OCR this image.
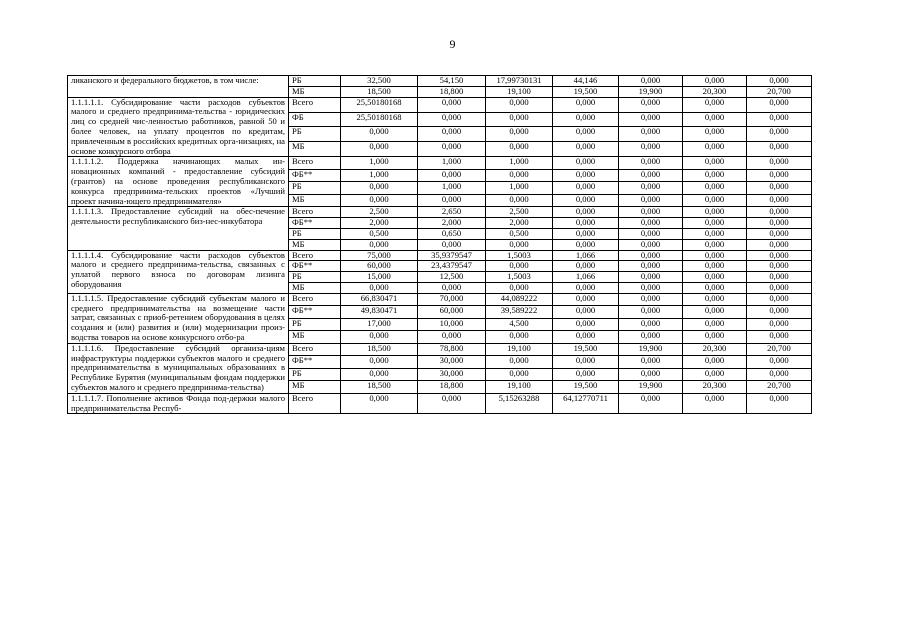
9
ликанского и федерального бюджетов, в том числе:	РБ	32,500	54,150	17,99730131	44,146	0,000	0,000	0,000
	МБ	18,500	18,800	19,100	19,500	19,900	20,300	20,700
1.1.1.1.1. Субсидирование части расходов субъектов малого и среднего предпринима-тельства - юридических лиц со средней чис-ленностью работников, равной 50 и более человек, на уплату процентов по кредитам, привлеченным в российских кредитных орга-низациях, на основе конкурсного отбора	Всего	25,50180168	0,000	0,000	0,000	0,000	0,000	0,000
	ФБ	25,50180168	0,000	0,000	0,000	0,000	0,000	0,000
	РБ	0,000	0,000	0,000	0,000	0,000	0,000	0,000
	МБ	0,000	0,000	0,000	0,000	0,000	0,000	0,000
1.1.1.1.2. Поддержка начинающих малых ин-новационных компаний - предоставление субсидий (грантов) на основе проведения республиканского конкурса предпринима-тельских проектов «Лучший проект начина-ющего предпринимателя»	Всего	1,000	1,000	1,000	0,000	0,000	0,000	0,000
	ФБ**	1,000	0,000	0,000	0,000	0,000	0,000	0,000
	РБ	0,000	1,000	1,000	0,000	0,000	0,000	0,000
	МБ	0,000	0,000	0,000	0,000	0,000	0,000	0,000
1.1.1.1.3. Предоставление субсидий на обес-печение деятельности республиканского биз-нес-инкубатора	Всего	2,500	2,650	2,500	0,000	0,000	0,000	0,000
	ФБ**	2,000	2,000	2,000	0,000	0,000	0,000	0,000
	РБ	0,500	0,650	0,500	0,000	0,000	0,000	0,000
	МБ	0,000	0,000	0,000	0,000	0,000	0,000	0,000
1.1.1.1.4. Субсидирование части расходов субъектов малого и среднего предпринима-тельства, связанных с уплатой первого взноса по договорам лизинга оборудования	Всего	75,000	35,9379547	1,5003	1,066	0,000	0,000	0,000
	ФБ**	60,000	23,4379547	0,000	0,000	0,000	0,000	0,000
	РБ	15,000	12,500	1,5003	1,066	0,000	0,000	0,000
	МБ	0,000	0,000	0,000	0,000	0,000	0,000	0,000
1.1.1.1.5. Предоставление субсидий субъектам малого и среднего предпринимательства на возмещение части затрат, связанных с приоб-ретением оборудования в целях создания и (или) развития и (или) модернизации произ-водства товаров на основе конкурсного отбо-ра	Всего	66,830471	70,000	44,089222	0,000	0,000	0,000	0,000
	ФБ**	49,830471	60,000	39,589222	0,000	0,000	0,000	0,000
	РБ	17,000	10,000	4,500	0,000	0,000	0,000	0,000
	МБ	0,000	0,000	0,000	0,000	0,000	0,000	0,000
1.1.1.1.6. Предоставление субсидий организа-циям инфраструктуры поддержки субъектов малого и среднего предпринимательства в муниципальных образованиях в Республике Бурятия (муниципальным фондам поддержки субъектов малого и среднего предпринима-тельства)	Всего	18,500	78,800	19,100	19,500	19,900	20,300	20,700
	ФБ**	0,000	30,000	0,000	0,000	0,000	0,000	0,000
	РБ	0,000	30,000	0,000	0,000	0,000	0,000	0,000
	МБ	18,500	18,800	19,100	19,500	19,900	20,300	20,700
1.1.1.1.7. Пополнение активов Фонда под-держки малого предпринимательства Респуб-	Всего	0,000	0,000	5,15263288	64,12770711	0,000	0,000	0,000
